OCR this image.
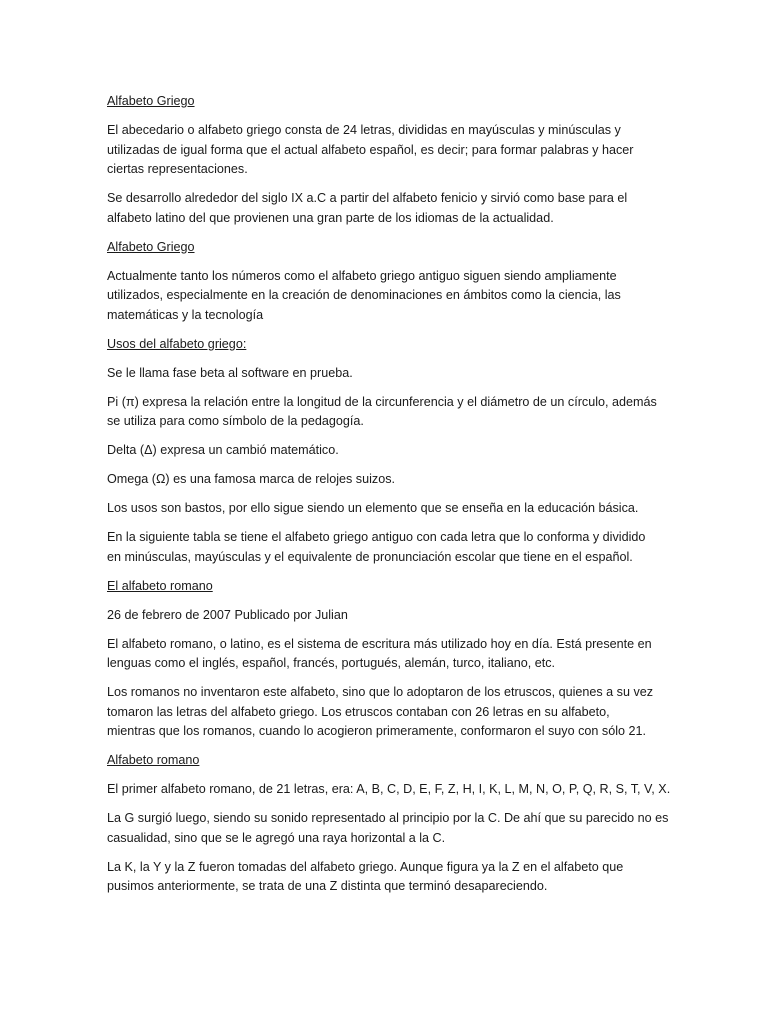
Alfabeto Griego
El abecedario o alfabeto griego consta de 24 letras, divididas en mayúsculas y minúsculas y
utilizadas de igual forma que el actual alfabeto español, es decir; para formar palabras y hacer
ciertas representaciones.
Se desarrollo alrededor del siglo IX a.C a partir del alfabeto fenicio y sirvió como base para el
alfabeto latino del que provienen una gran parte de los idiomas de la actualidad.
Alfabeto Griego
Actualmente tanto los números como el alfabeto griego antiguo siguen siendo ampliamente
utilizados, especialmente en la creación de denominaciones en ámbitos como la ciencia, las
matemáticas y la tecnología
Usos del alfabeto griego:
Se le llama fase beta al software en prueba.
Pi (π) expresa la relación entre la longitud de la circunferencia y el diámetro de un círculo, además
se utiliza para como símbolo de la pedagogía.
Delta (Δ) expresa un cambió matemático.
Omega (Ω) es una famosa marca de relojes suizos.
Los usos son bastos, por ello sigue siendo un elemento que se enseña en la educación básica.
En la siguiente tabla se tiene el alfabeto griego antiguo con cada letra que lo conforma y dividido
en minúsculas, mayúsculas y el equivalente de pronunciación escolar que tiene en el español.
El alfabeto romano
26 de febrero de 2007 Publicado por Julian
El alfabeto romano, o latino, es el sistema de escritura más utilizado hoy en día. Está presente en
lenguas como el inglés, español, francés, portugués, alemán, turco, italiano, etc.
Los romanos no inventaron este alfabeto, sino que lo adoptaron de los etruscos, quienes a su vez
tomaron las letras del alfabeto griego. Los etruscos contaban con 26 letras en su alfabeto,
mientras que los romanos, cuando lo acogieron primeramente, conformaron el suyo con sólo 21.
Alfabeto romano
El primer alfabeto romano, de 21 letras, era: A, B, C, D, E, F, Z, H, I, K, L, M, N, O, P, Q, R, S, T, V, X.
La G surgió luego, siendo su sonido representado al principio por la C. De ahí que su parecido no es
casualidad, sino que se le agregó una raya horizontal a la C.
La K, la Y y la Z fueron tomadas del alfabeto griego. Aunque figura ya la Z en el alfabeto que
pusimos anteriormente, se trata de una Z distinta que terminó desapareciendo.
